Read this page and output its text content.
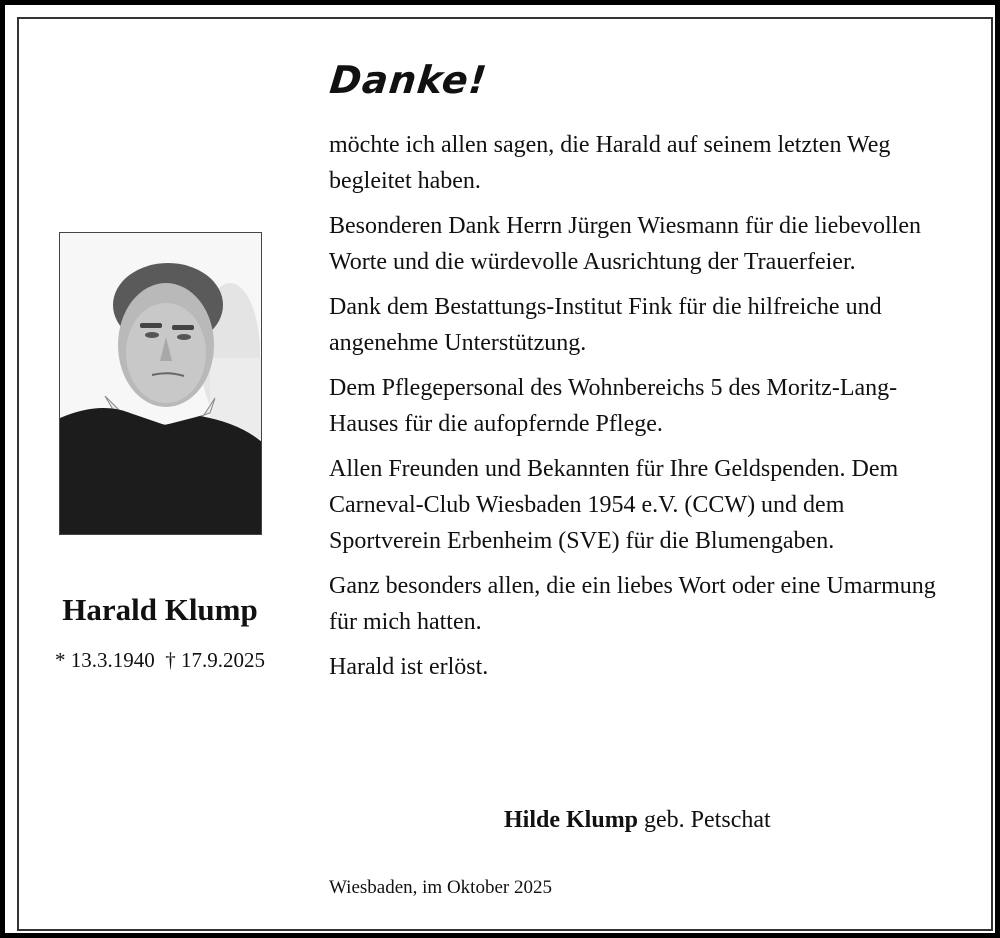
Harald Klump
* 13.3.1940 † 17.9.2025
Danke!

möchte ich allen sagen, die Harald auf seinem letzten Weg begleitet haben.

Besonderen Dank Herrn Jürgen Wiesmann für die liebevollen Worte und die würdevolle Ausrichtung der Trauerfeier.

Dank dem Bestattungs-Institut Fink für die hilfreiche und angenehme Unterstützung.

Dem Pflegepersonal des Wohnbereichs 5 des Moritz-Lang-Hauses für die aufopfernde Pflege.

Allen Freunden und Bekannten für Ihre Geldspenden. Dem Carneval-Club Wiesbaden 1954 e.V. (CCW) und dem Sportverein Erbenheim (SVE) für die Blumengaben.

Ganz besonders allen, die ein liebes Wort oder eine Umarmung für mich hatten.

Harald ist erlöst.

Hilde Klump geb. Petschat
Wiesbaden, im Oktober 2025
